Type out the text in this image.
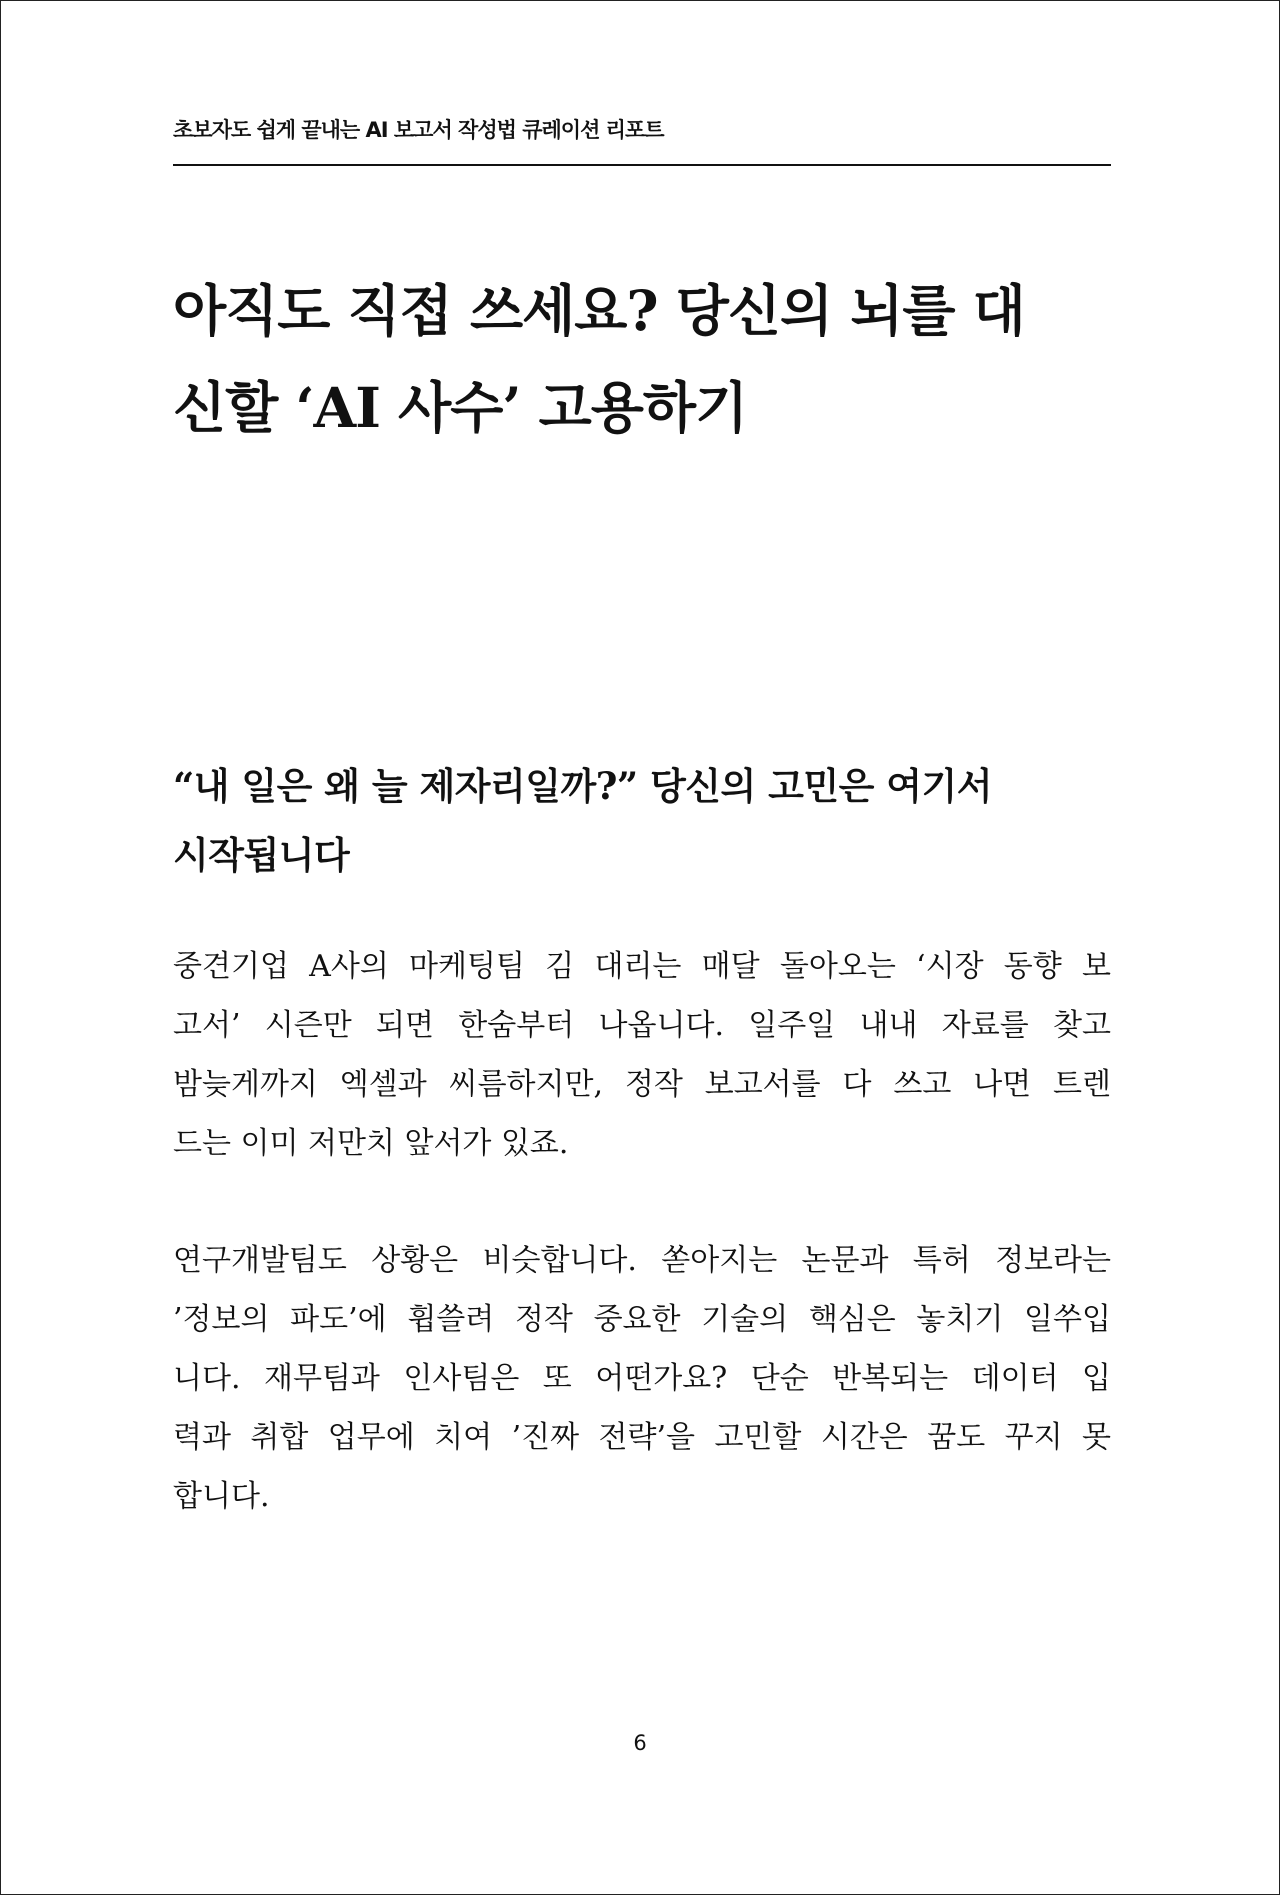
초보자도 쉽게 끝내는 AI 보고서 작성법 큐레이션 리포트
아직도 직접 쓰세요? 당신의 뇌를 대
신할 ‘AI 사수’ 고용하기
“내 일은 왜 늘 제자리일까?” 당신의 고민은 여기서
시작됩니다
중견기업 A사의 마케팅팀 김 대리는 매달 돌아오는 ‘시장 동향 보
고서’ 시즌만 되면 한숨부터 나옵니다. 일주일 내내 자료를 찾고
밤늦게까지 엑셀과 씨름하지만, 정작 보고서를 다 쓰고 나면 트렌
드는 이미 저만치 앞서가 있죠.
연구개발팀도 상황은 비슷합니다. 쏟아지는 논문과 특허 정보라는
’정보의 파도’에 휩쓸려 정작 중요한 기술의 핵심은 놓치기 일쑤입
니다. 재무팀과 인사팀은 또 어떤가요? 단순 반복되는 데이터 입
력과 취합 업무에 치여 ’진짜 전략’을 고민할 시간은 꿈도 꾸지 못
합니다.
6
